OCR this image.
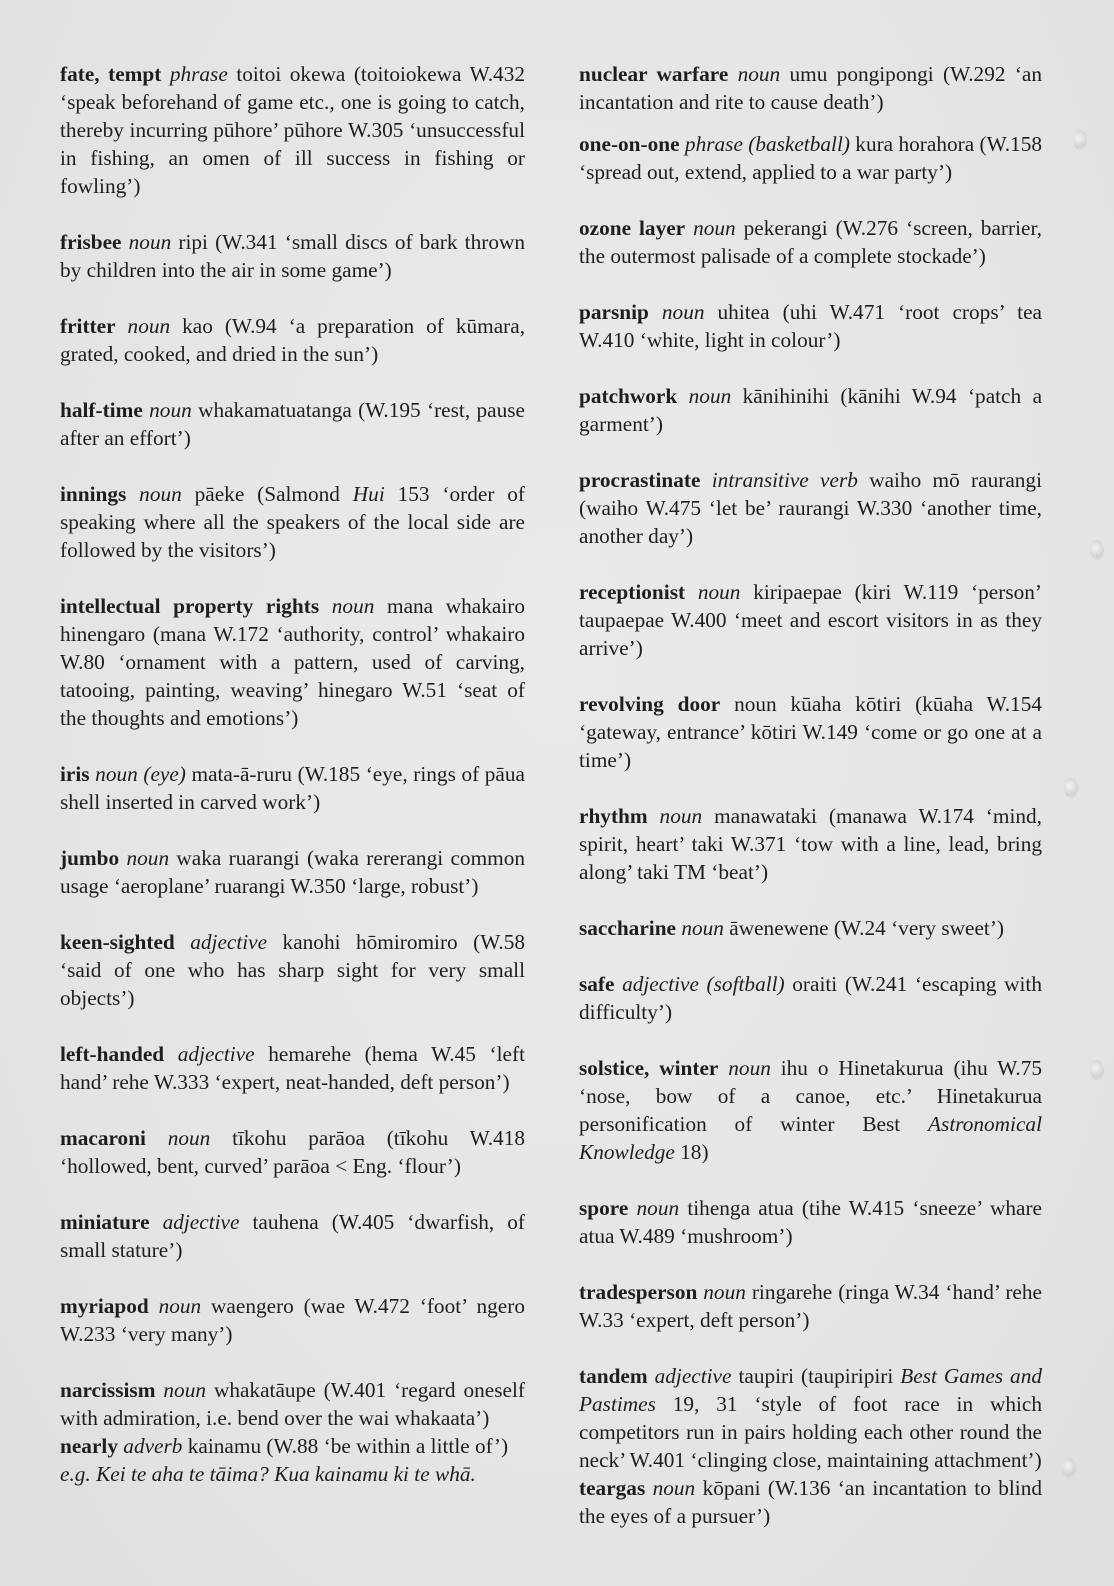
fate, tempt phrase toitoi okewa (toitoiokewa W.432 ‘speak beforehand of game etc., one is going to catch, thereby incurring pūhore’ pūhore W.305 ‘unsuccessful in fishing, an omen of ill success in fishing or fowling’)

frisbee noun ripi (W.341 ‘small discs of bark thrown by children into the air in some game’)

fritter noun kao (W.94 ‘a preparation of kūmara, grated, cooked, and dried in the sun’)

half-time noun whakamatuatanga (W.195 ‘rest, pause after an effort’)

innings noun pāeke (Salmond Hui 153 ‘order of speaking where all the speakers of the local side are followed by the visitors’)

intellectual property rights noun mana whakairo hinengaro (mana W.172 ‘authority, control’ whakairo W.80 ‘ornament with a pattern, used of carving, tatooing, painting, weaving’ hinegaro W.51 ‘seat of the thoughts and emotions’)

iris noun (eye) mata-ā-ruru (W.185 ‘eye, rings of pāua shell inserted in carved work’)

jumbo noun waka ruarangi (waka rererangi common usage ‘aeroplane’ ruarangi W.350 ‘large, robust’)

keen-sighted adjective kanohi hōmiromiro (W.58 ‘said of one who has sharp sight for very small objects’)

left-handed adjective hemarehe (hema W.45 ‘left hand’ rehe W.333 ‘expert, neat-handed, deft person’)

macaroni noun tīkohu parāoa (tīkohu W.418 ‘hollowed, bent, curved’ parāoa < Eng. ‘flour’)

miniature adjective tauhena (W.405 ‘dwarfish, of small stature’)

myriapod noun waengero (wae W.472 ‘foot’ ngero W.233 ‘very many’)

narcissism noun whakatāupe (W.401 ‘regard oneself with admiration, i.e. bend over the wai whakaata’)

nearly adverb kainamu (W.88 ‘be within a little of’)
e.g. Kei te aha te tāima? Kua kainamu ki te whā.

nuclear warfare noun umu pongipongi (W.292 ‘an incantation and rite to cause death’)

one-on-one phrase (basketball) kura horahora (W.158 ‘spread out, extend, applied to a war party’)

ozone layer noun pekerangi (W.276 ‘screen, barrier, the outermost palisade of a complete stockade’)

parsnip noun uhitea (uhi W.471 ‘root crops’ tea W.410 ‘white, light in colour’)

patchwork noun kānihinihi (kānihi W.94 ‘patch a garment’)

procrastinate intransitive verb waiho mō raurangi (waiho W.475 ‘let be’ raurangi W.330 ‘another time, another day’)

receptionist noun kiripaepae (kiri W.119 ‘person’ taupaepae W.400 ‘meet and escort visitors in as they arrive’)

revolving door noun kūaha kōtiri (kūaha W.154 ‘gateway, entrance’ kōtiri W.149 ‘come or go one at a time’)

rhythm noun manawataki (manawa W.174 ‘mind, spirit, heart’ taki W.371 ‘tow with a line, lead, bring along’ taki TM ‘beat’)

saccharine noun āwenewene (W.24 ‘very sweet’)

safe adjective (softball) oraiti (W.241 ‘escaping with difficulty’)

solstice, winter noun ihu o Hinetakurua (ihu W.75 ‘nose, bow of a canoe, etc.’ Hinetakurua personification of winter Best Astronomical Knowledge 18)

spore noun tihenga atua (tihe W.415 ‘sneeze’ whare atua W.489 ‘mushroom’)

tradesperson noun ringarehe (ringa W.34 ‘hand’ rehe W.33 ‘expert, deft person’)

tandem adjective taupiri (taupiripiri Best Games and Pastimes 19, 31 ‘style of foot race in which competitors run in pairs holding each other round the neck’ W.401 ‘clinging close, maintaining attachment’)

teargas noun kōpani (W.136 ‘an incantation to blind the eyes of a pursuer’)
